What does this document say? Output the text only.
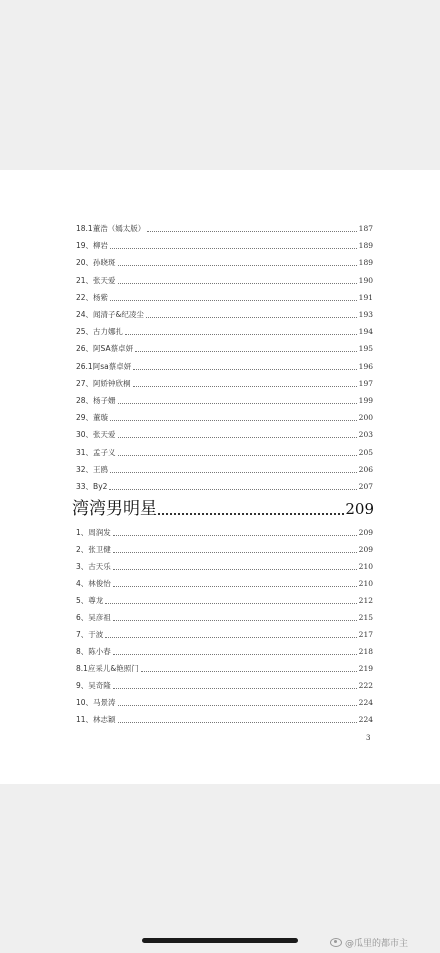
18.1董浩（嫣太版）	187
19、柳岩	189
20、孙晓斑	189
21、张天爱	190
22、杨紫	191
24、闻清子&纪凌尘	193
25、古力娜扎	194
26、阿SA蔡卓妍	195
26.1阿sa蔡卓妍	196
27、阿娇钟欣桐	197
28、杨子姗	199
29、董璇	200
30、张天爱	203
31、孟子义	205
32、王鸥	206
33、By2	207
湾湾男明星	209
1、周润发	209
2、张卫健	209
3、古天乐	210
4、林俊怡	210
5、尊龙	212
6、吴彦祖	215
7、于波	217
8、陈小春	218
8.1应采儿&艳照门	219
9、吴奇隆	222
10、马景涛	224
11、林志颖	224
3
@瓜里的都市主
